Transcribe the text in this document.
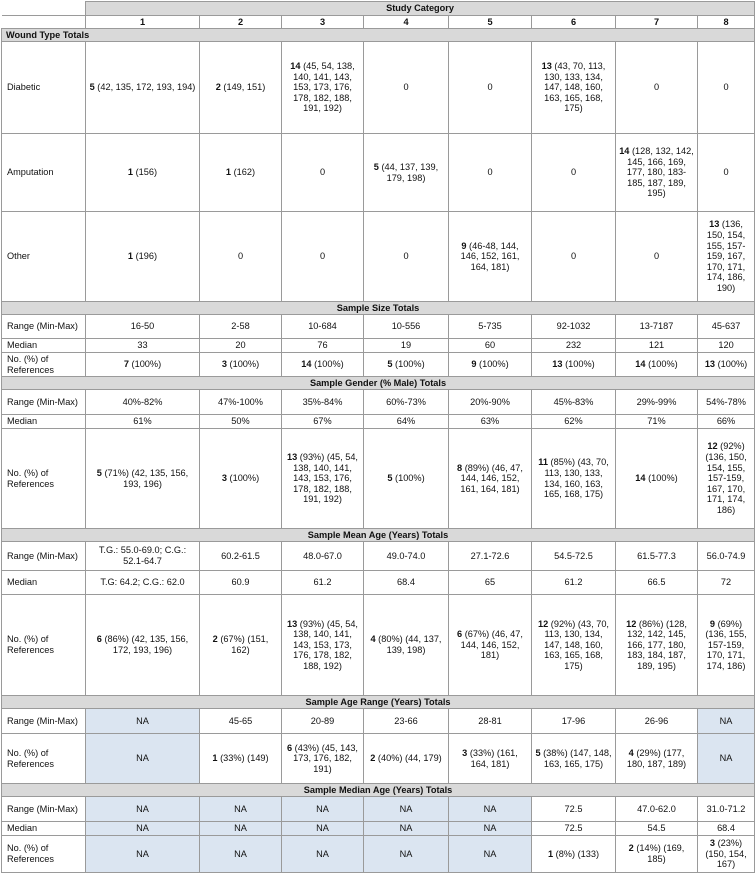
	Study Category							
	1	2	3	4	5	6	7	8
Wound Type Totals								
Diabetic	5 (42, 135, 172, 193, 194)	2 (149, 151)	14 (45, 54, 138, 140, 141, 143, 153, 173, 176, 178, 182, 188, 191, 192)	0	0	13 (43, 70, 113, 130, 133, 134, 147, 148, 160, 163, 165, 168, 175)	0	0
Amputation	1 (156)	1 (162)	0	5 (44, 137, 139, 179, 198)	0	0	14 (128, 132, 142, 145, 166, 169, 177, 180, 183-185, 187, 189, 195)	0
Other	1 (196)	0	0	0	9 (46-48, 144, 146, 152, 161, 164, 181)	0	0	13 (136, 150, 154, 155, 157-159, 167, 170, 171, 174, 186, 190)
Sample Size Totals								
Range (Min-Max)	16-50	2-58	10-684	10-556	5-735	92-1032	13-7187	45-637
Median	33	20	76	19	60	232	121	120
No. (%) of References	7 (100%)	3 (100%)	14 (100%)	5 (100%)	9 (100%)	13 (100%)	14 (100%)	13 (100%)
Sample Gender (% Male) Totals								
Range (Min-Max)	40%-82%	47%-100%	35%-84%	60%-73%	20%-90%	45%-83%	29%-99%	54%-78%
Median	61%	50%	67%	64%	63%	62%	71%	66%
No. (%) of References	5 (71%) (42, 135, 156, 193, 196)	3 (100%)	13 (93%) (45, 54, 138, 140, 141, 143, 153, 176, 178, 182, 188, 191, 192)	5 (100%)	8 (89%) (46, 47, 144, 146, 152, 161, 164, 181)	11 (85%) (43, 70, 113, 130, 133, 134, 160, 163, 165, 168, 175)	14 (100%)	12 (92%) (136, 150, 154, 155, 157-159, 167, 170, 171, 174, 186)
Sample Mean Age (Years) Totals								
Range (Min-Max)	T.G.: 55.0-69.0; C.G.: 52.1-64.7	60.2-61.5	48.0-67.0	49.0-74.0	27.1-72.6	54.5-72.5	61.5-77.3	56.0-74.9
Median	T.G: 64.2; C.G.: 62.0	60.9	61.2	68.4	65	61.2	66.5	72
No. (%) of References	6 (86%) (42, 135, 156, 172, 193, 196)	2 (67%) (151, 162)	13 (93%) (45, 54, 138, 140, 141, 143, 153, 173, 176, 178, 182, 188, 192)	4 (80%) (44, 137, 139, 198)	6 (67%) (46, 47, 144, 146, 152, 181)	12 (92%) (43, 70, 113, 130, 134, 147, 148, 160, 163, 165, 168, 175)	12 (86%) (128, 132, 142, 145, 166, 177, 180, 183, 184, 187, 189, 195)	9 (69%) (136, 155, 157-159, 170, 171, 174, 186)
Sample Age Range (Years) Totals								
Range (Min-Max)	NA	45-65	20-89	23-66	28-81	17-96	26-96	NA
No. (%) of References	NA	1 (33%) (149)	6 (43%) (45, 143, 173, 176, 182, 191)	2 (40%) (44, 179)	3 (33%) (161, 164, 181)	5 (38%) (147, 148, 163, 165, 175)	4 (29%) (177, 180, 187, 189)	NA
Sample Median Age (Years) Totals								
Range (Min-Max)	NA	NA	NA	NA	NA	72.5	47.0-62.0	31.0-71.2
Median	NA	NA	NA	NA	NA	72.5	54.5	68.4
No. (%) of References	NA	NA	NA	NA	NA	1 (8%) (133)	2 (14%) (169, 185)	3 (23%) (150, 154, 167)
